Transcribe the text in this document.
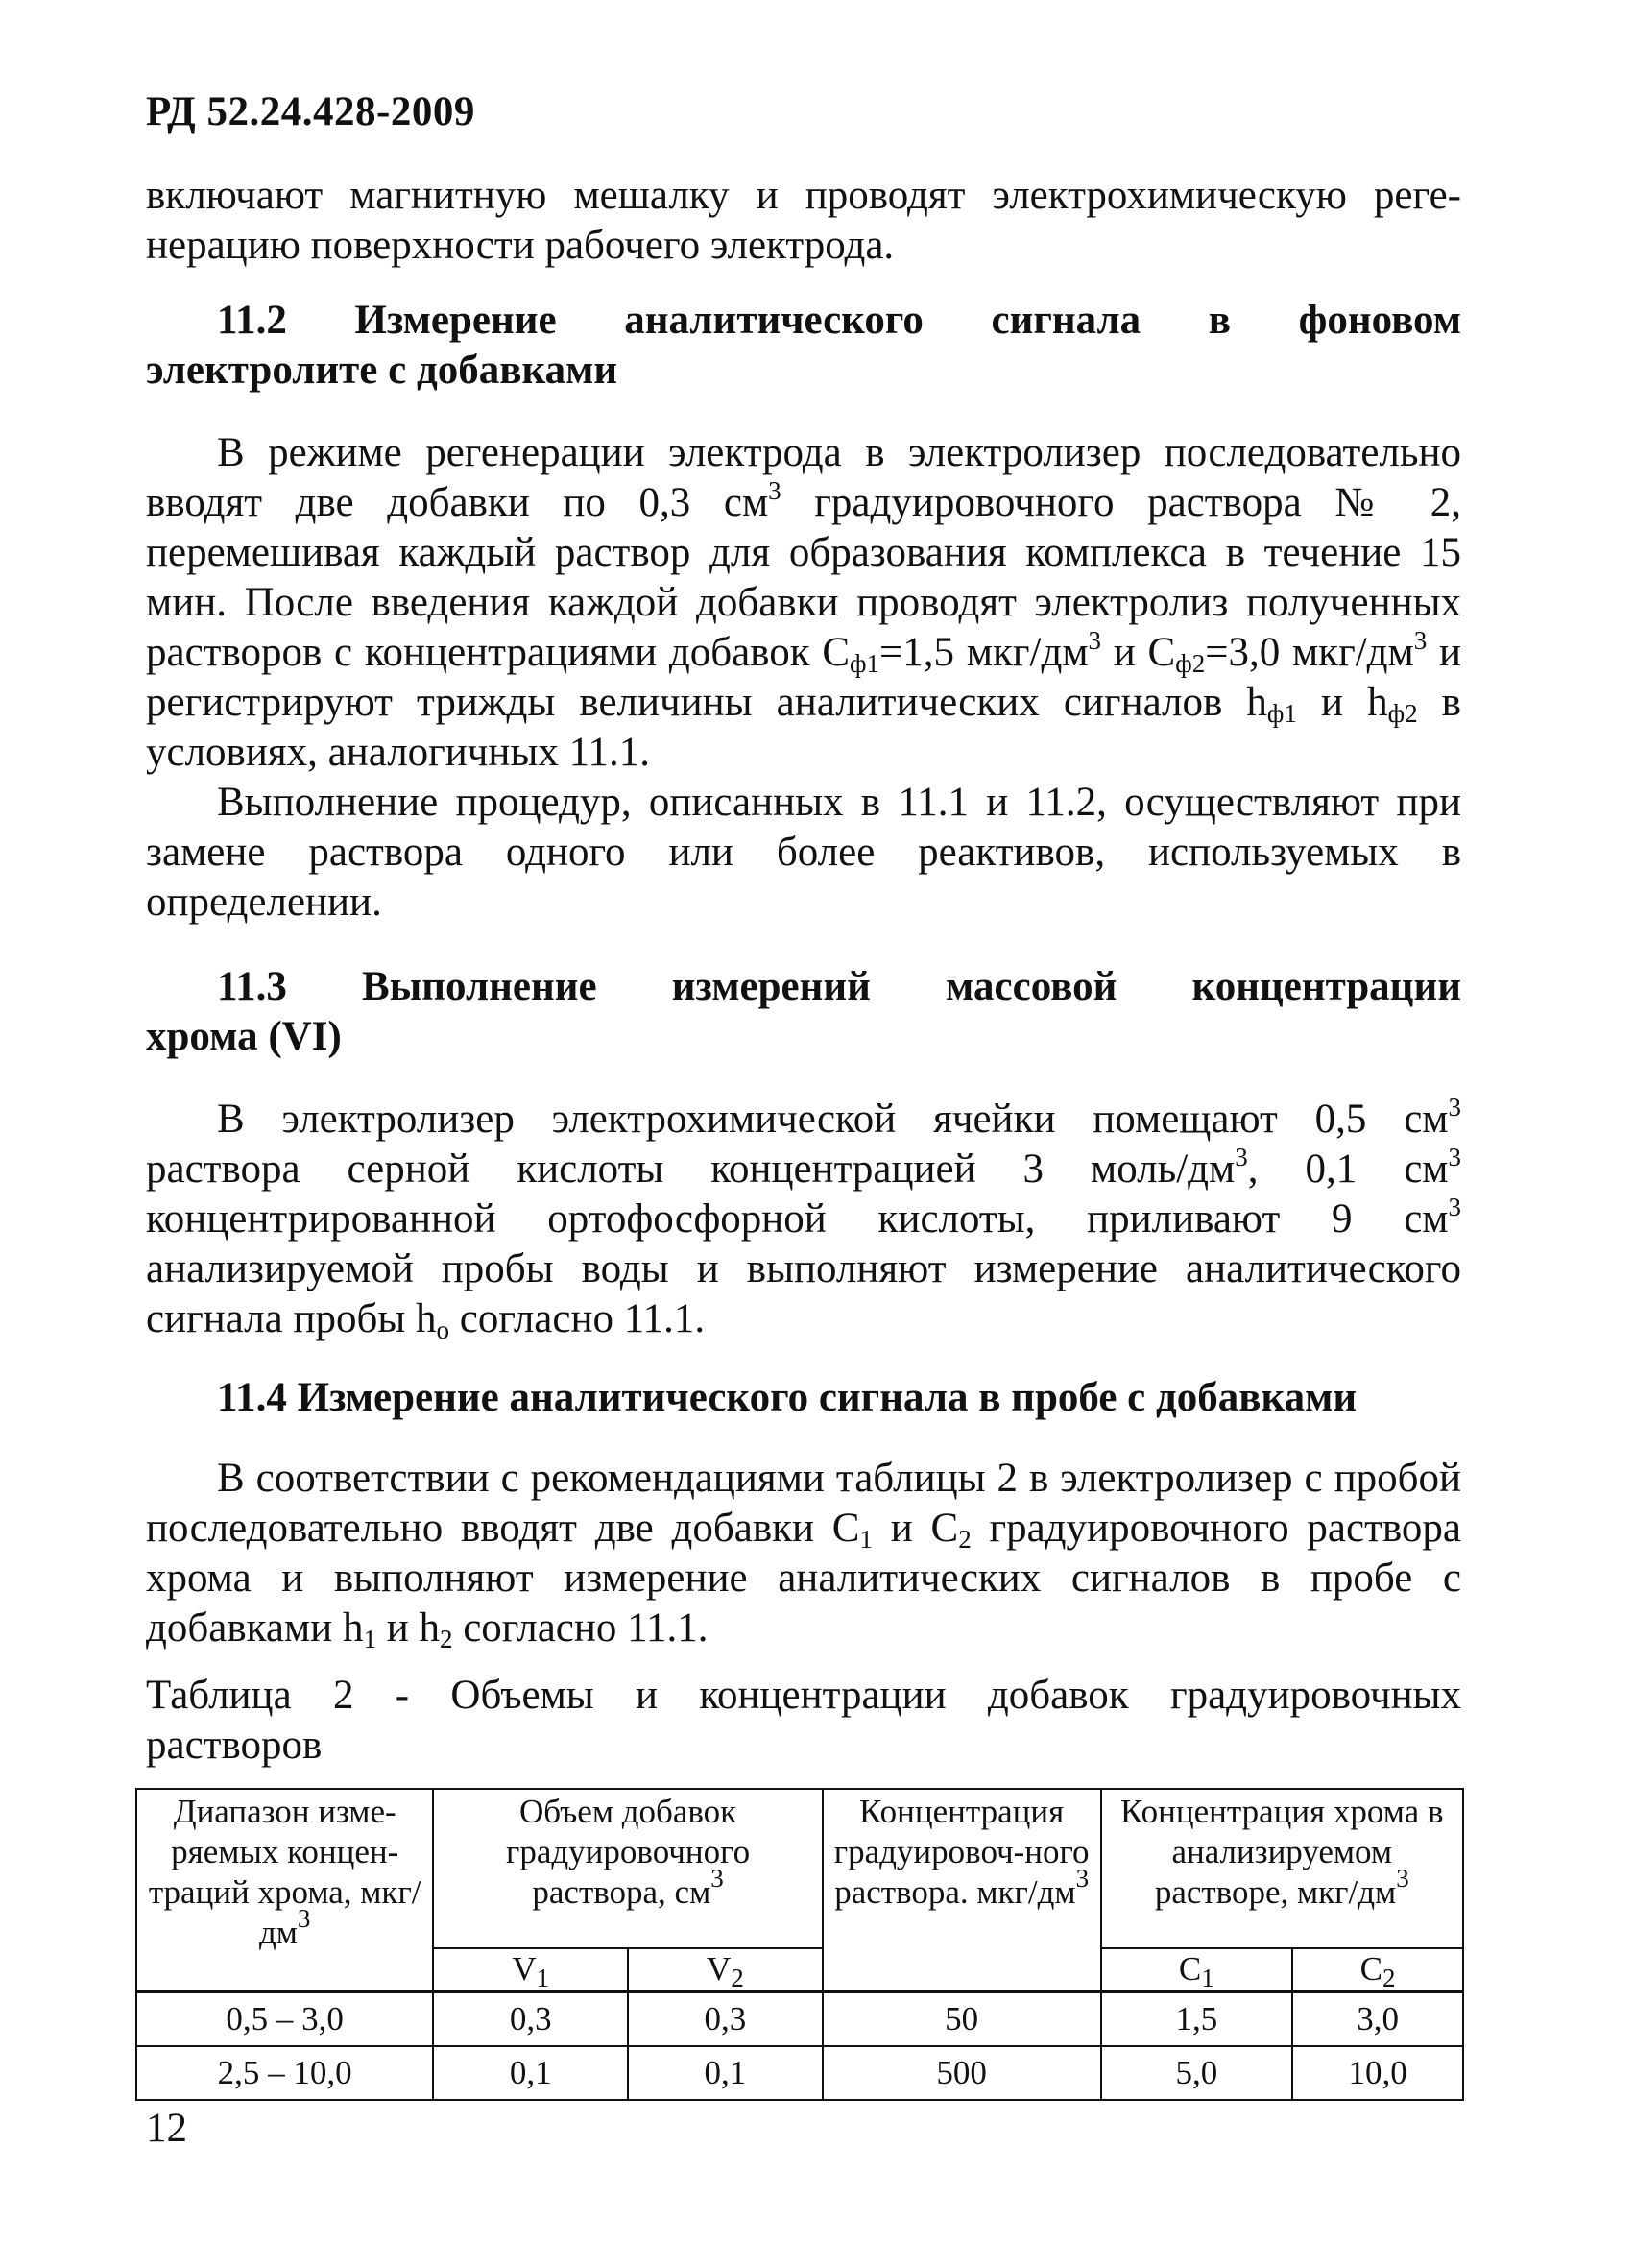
РД 52.24.428-2009

включают магнитную мешалку и проводят электрохимическую реге-
нерацию поверхности рабочего электрода.

11.2 Измерение аналитического сигнала в фоновом
электролите с добавками

В режиме регенерации электрода в электролизер последовательно вводят две добавки по 0,3 $см^3$ градуировочного раствора № 2, перемешивая каждый раствор для образования комплекса в течение 15 мин. После введения каждой добавки проводят электролиз полученных растворов с концентрациями добавок $С_{ф1}=1,5$ мкг/$дм^3$ и $С_{ф2}=3,0$ мкг/$дм^3$ и регистрируют трижды величины аналитических сигналов $h_{ф1}$ и $h_{ф2}$ в условиях, аналогичных 11.1.

Выполнение процедур, описанных в 11.1 и 11.2, осуществляют при замене раствора одного или более реактивов, используемых в определении.

11.3 Выполнение измерений массовой концентрации
хрома (VI)

В электролизер электрохимической ячейки помещают 0,5 $см^3$ раствора серной кислоты концентрацией 3 моль/$дм^3$, 0,1 $см^3$ концентрированной ортофосфорной кислоты, приливают 9 $см^3$ анализируемой пробы воды и выполняют измерение аналитического сигнала пробы $h_о$ согласно 11.1.

11.4 Измерение аналитического сигнала в пробе с добавками

В соответствии с рекомендациями таблицы 2 в электролизер с пробой последовательно вводят две добавки $С_1$ и $С_2$ градуировочного раствора хрома и выполняют измерение аналитических сигналов в пробе с добавками $h_1$ и $h_2$ согласно 11.1.

Таблица 2 - Объемы и концентрации добавок градуировочных
растворов

Диапазон изме-ряемых концен-траций хрома, мкг/$дм^3$	Объем добавок градуировочного раствора, $см^3$		Концентрация градуировоч-ного раствора. мкг/$дм^3$	Концентрация хрома в анализируемом растворе, мкг/$дм^3$
	$V_1$	$V_2$		$С_1$	$С_2$
0,5 – 3,0	0,3	0,3	50	1,5	3,0
2,5 – 10,0	0,1	0,1	500	5,0	10,0
12
